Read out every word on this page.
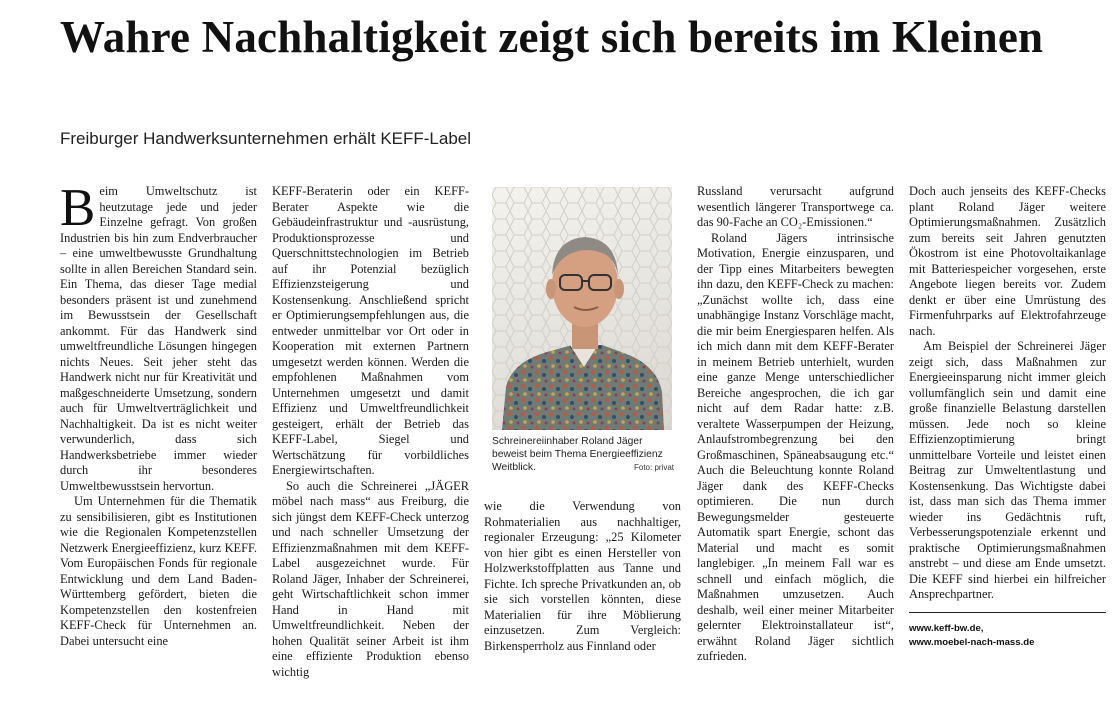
Wahre Nachhaltigkeit zeigt sich bereits im Kleinen
Freiburger Handwerksunternehmen erhält KEFF-Label

Beim Umweltschutz ist heutzutage jede und jeder Einzelne gefragt. Von großen Industrien bis hin zum Endverbraucher – eine umweltbewusste Grundhaltung sollte in allen Bereichen Standard sein. Ein Thema, das dieser Tage medial besonders präsent ist und zunehmend im Bewusstsein der Gesellschaft ankommt. Für das Handwerk sind umweltfreundliche Lösungen hingegen nichts Neues. Seit jeher steht das Handwerk nicht nur für Kreativität und maßgeschneiderte Umsetzung, sondern auch für Umweltverträglichkeit und Nachhaltigkeit. Da ist es nicht weiter verwunderlich, dass sich Handwerksbetriebe immer wieder durch ihr besonderes Umweltbewusstsein hervortun.

Um Unternehmen für die Thematik zu sensibilisieren, gibt es Institutionen wie die Regionalen Kompetenzstellen Netzwerk Energieeffizienz, kurz KEFF. Vom Europäischen Fonds für regionale Entwicklung und dem Land Baden-Württemberg gefördert, bieten die Kompetenzstellen den kostenfreien KEFF-Check für Unternehmen an. Dabei untersucht eine

KEFF-Beraterin oder ein KEFF-Berater Aspekte wie die Gebäudeinfrastruktur und -ausrüstung, Produktionsprozesse und Querschnittstechnologien im Betrieb auf ihr Potenzial bezüglich Effizienzsteigerung und Kostensenkung. Anschließend spricht er Optimierungsempfehlungen aus, die entweder unmittelbar vor Ort oder in Kooperation mit externen Partnern umgesetzt werden können. Werden die empfohlenen Maßnahmen vom Unternehmen umgesetzt und damit Effizienz und Umweltfreundlichkeit gesteigert, erhält der Betrieb das KEFF-Label, Siegel und Wertschätzung für vorbildliches Energiewirtschaften.

So auch die Schreinerei „JÄGER möbel nach mass“ aus Freiburg, die sich jüngst dem KEFF-Check unterzog und nach schneller Umsetzung der Effizienzmaßnahmen mit dem KEFF-Label ausgezeichnet wurde. Für Roland Jäger, Inhaber der Schreinerei, geht Wirtschaftlichkeit schon immer Hand in Hand mit Umweltfreundlichkeit. Neben der hohen Qualität seiner Arbeit ist ihm eine effiziente Produktion ebenso wichtig

Schreinereiinhaber Roland Jäger beweist beim Thema Energieeffizienz Weitblick.	Foto: privat

wie die Verwendung von Rohmaterialien aus nachhaltiger, regionaler Erzeugung: „25 Kilometer von hier gibt es einen Hersteller von Holzwerkstoffplatten aus Tanne und Fichte. Ich spreche Privatkunden an, ob sie sich vorstellen könnten, diese Materialien für ihre Möblierung einzusetzen. Zum Vergleich: Birkensperrholz aus Finnland oder

Russland verursacht aufgrund wesentlich längerer Transportwege ca. das 90-Fache an CO₂-Emissionen.“

Roland Jägers intrinsische Motivation, Energie einzusparen, und der Tipp eines Mitarbeiters bewegten ihn dazu, den KEFF-Check zu machen: „Zunächst wollte ich, dass eine unabhängige Instanz Vorschläge macht, die mir beim Energiesparen helfen. Als ich mich dann mit dem KEFF-Berater in meinem Betrieb unterhielt, wurden eine ganze Menge unterschiedlicher Bereiche angesprochen, die ich gar nicht auf dem Radar hatte: z.B. veraltete Wasserpumpen der Heizung, Anlaufstrombegrenzung bei den Großmaschinen, Späneabsaugung etc.“ Auch die Beleuchtung konnte Roland Jäger dank des KEFF-Checks optimieren. Die nun durch Bewegungsmelder gesteuerte Automatik spart Energie, schont das Material und macht es somit langlebiger. „In meinem Fall war es schnell und einfach möglich, die Maßnahmen umzusetzen. Auch deshalb, weil einer meiner Mitarbeiter gelernter Elektroinstallateur ist“, erwähnt Roland Jäger sichtlich zufrieden.

Doch auch jenseits des KEFF-Checks plant Roland Jäger weitere Optimierungsmaßnahmen. Zusätzlich zum bereits seit Jahren genutzten Ökostrom ist eine Photovoltaikanlage mit Batteriespeicher vorgesehen, erste Angebote liegen bereits vor. Zudem denkt er über eine Umrüstung des Firmenfuhrparks auf Elektrofahrzeuge nach.

Am Beispiel der Schreinerei Jäger zeigt sich, dass Maßnahmen zur Energieeinsparung nicht immer gleich vollumfänglich sein und damit eine große finanzielle Belastung darstellen müssen. Jede noch so kleine Effizienzoptimierung bringt unmittelbare Vorteile und leistet einen Beitrag zur Umweltentlastung und Kostensenkung. Das Wichtigste dabei ist, dass man sich das Thema immer wieder ins Gedächtnis ruft, Verbesserungspotenziale erkennt und praktische Optimierungsmaßnahmen anstrebt – und diese am Ende umsetzt. Die KEFF sind hierbei ein hilfreicher Ansprechpartner.

www.keff-bw.de,
www.moebel-nach-mass.de
